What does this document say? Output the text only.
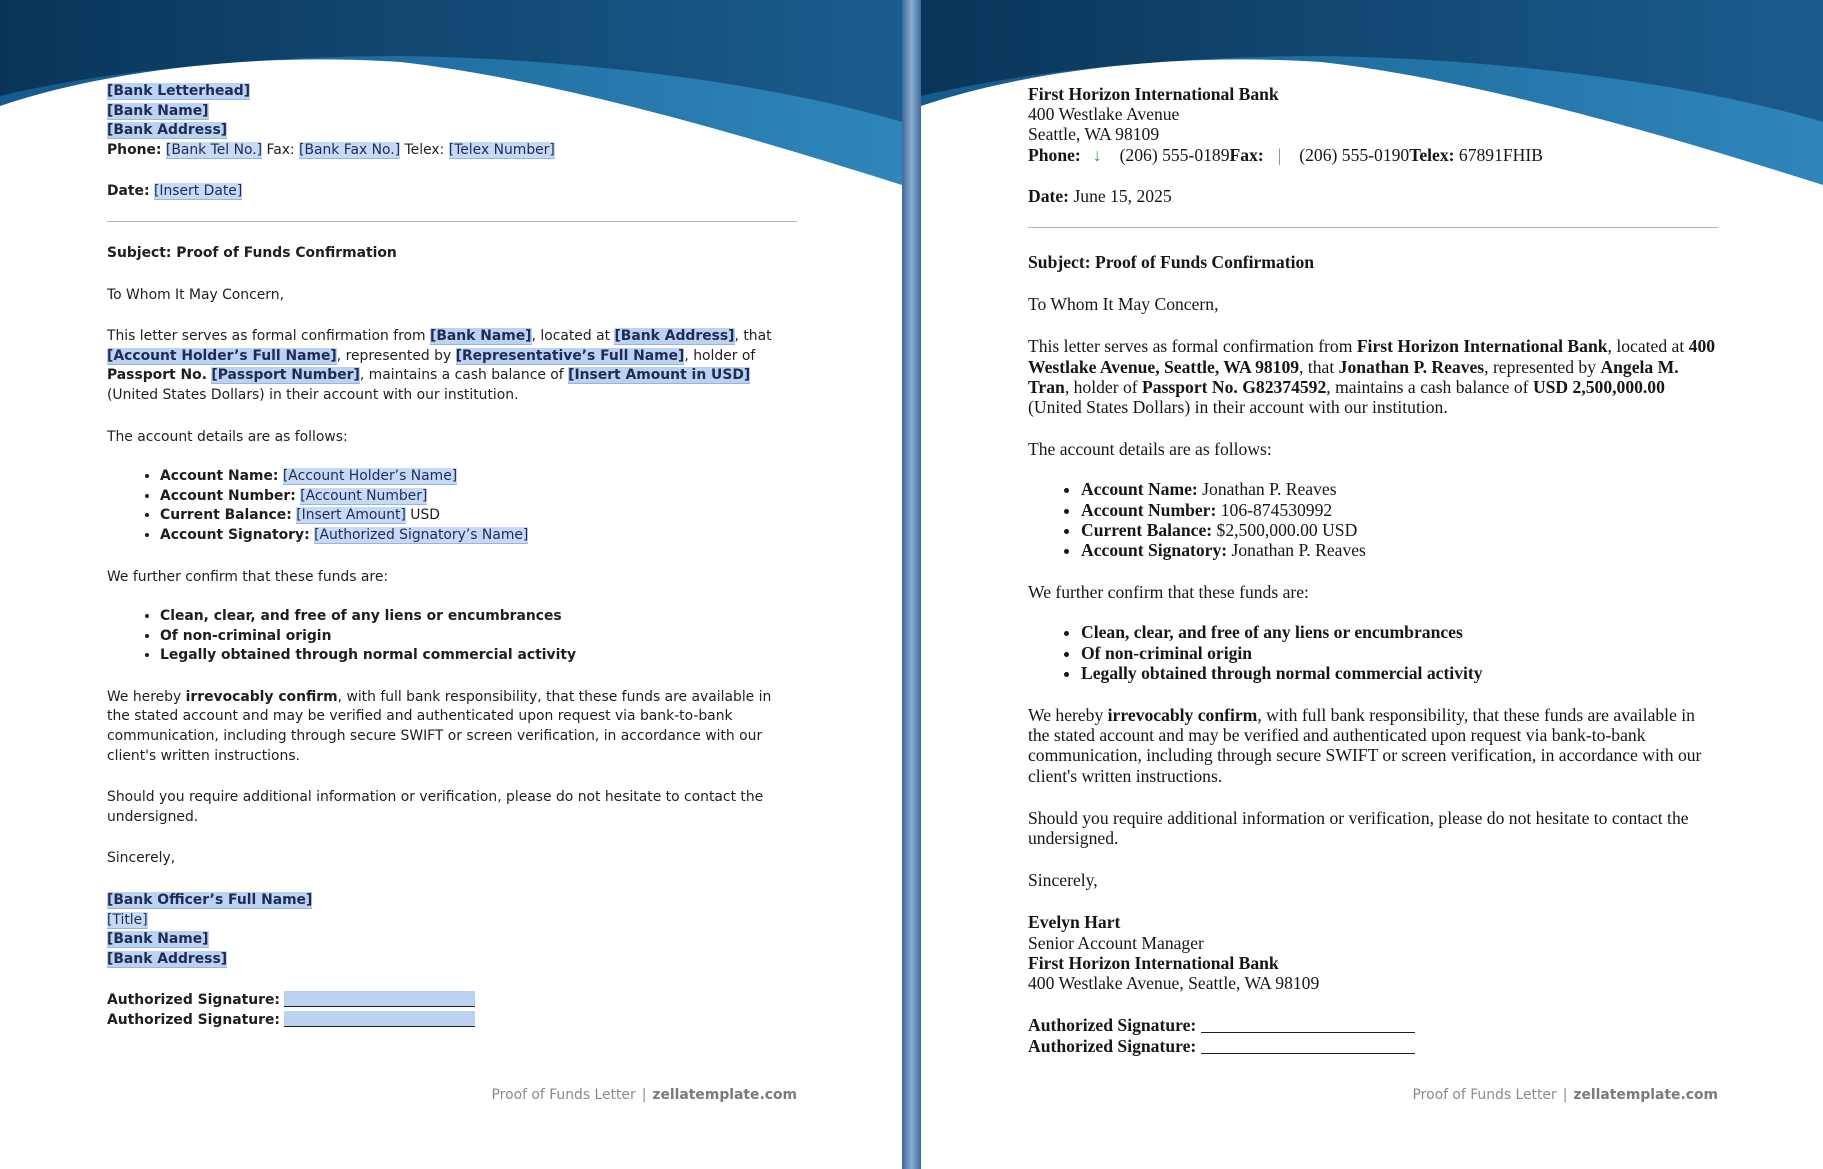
[Bank Letterhead]

[Bank Name]

[Bank Address]

Phone: [Bank Tel No.] Fax: [Bank Fax No.] Telex: [Telex Number]

Date: [Insert Date]

Subject: Proof of Funds Confirmation

To Whom It May Concern,

This letter serves as formal confirmation from [Bank Name], located at [Bank Address], that [Account Holder’s Full Name], represented by [Representative’s Full Name], holder of Passport No. [Passport Number], maintains a cash balance of [Insert Amount in USD] (United States Dollars) in their account with our institution.

The account details are as follows:

• Account Name: [Account Holder’s Name]
• Account Number: [Account Number]
• Current Balance: [Insert Amount] USD
• Account Signatory: [Authorized Signatory’s Name]

We further confirm that these funds are:

• Clean, clear, and free of any liens or encumbrances
• Of non-criminal origin
• Legally obtained through normal commercial activity

We hereby irrevocably confirm, with full bank responsibility, that these funds are available in the stated account and may be verified and authenticated upon request via bank-to-bank communication, including through secure SWIFT or screen verification, in accordance with our client's written instructions.

Should you require additional information or verification, please do not hesitate to contact the undersigned.

Sincerely,

[Bank Officer’s Full Name]

[Title]

[Bank Name]

[Bank Address]

Authorized Signature:

Authorized Signature:

Proof of Funds Letter | zellatemplate.com

First Horizon International Bank

400 Westlake Avenue

Seattle, WA 98109

Phone: ↓ (206) 555-0189Fax: | (206) 555-0190Telex: 67891FHIB

Date: June 15, 2025

Subject: Proof of Funds Confirmation

To Whom It May Concern,

This letter serves as formal confirmation from First Horizon International Bank, located at 400 Westlake Avenue, Seattle, WA 98109, that Jonathan P. Reaves, represented by Angela M. Tran, holder of Passport No. G82374592, maintains a cash balance of USD 2,500,000.00 (United States Dollars) in their account with our institution.

The account details are as follows:

• Account Name: Jonathan P. Reaves
• Account Number: 106-874530992
• Current Balance: $2,500,000.00 USD
• Account Signatory: Jonathan P. Reaves

We further confirm that these funds are:

• Clean, clear, and free of any liens or encumbrances
• Of non-criminal origin
• Legally obtained through normal commercial activity

We hereby irrevocably confirm, with full bank responsibility, that these funds are available in the stated account and may be verified and authenticated upon request via bank-to-bank communication, including through secure SWIFT or screen verification, in accordance with our client's written instructions.

Should you require additional information or verification, please do not hesitate to contact the undersigned.

Sincerely,

Evelyn Hart

Senior Account Manager

First Horizon International Bank

400 Westlake Avenue, Seattle, WA 98109

Authorized Signature:

Authorized Signature:

Proof of Funds Letter | zellatemplate.com
